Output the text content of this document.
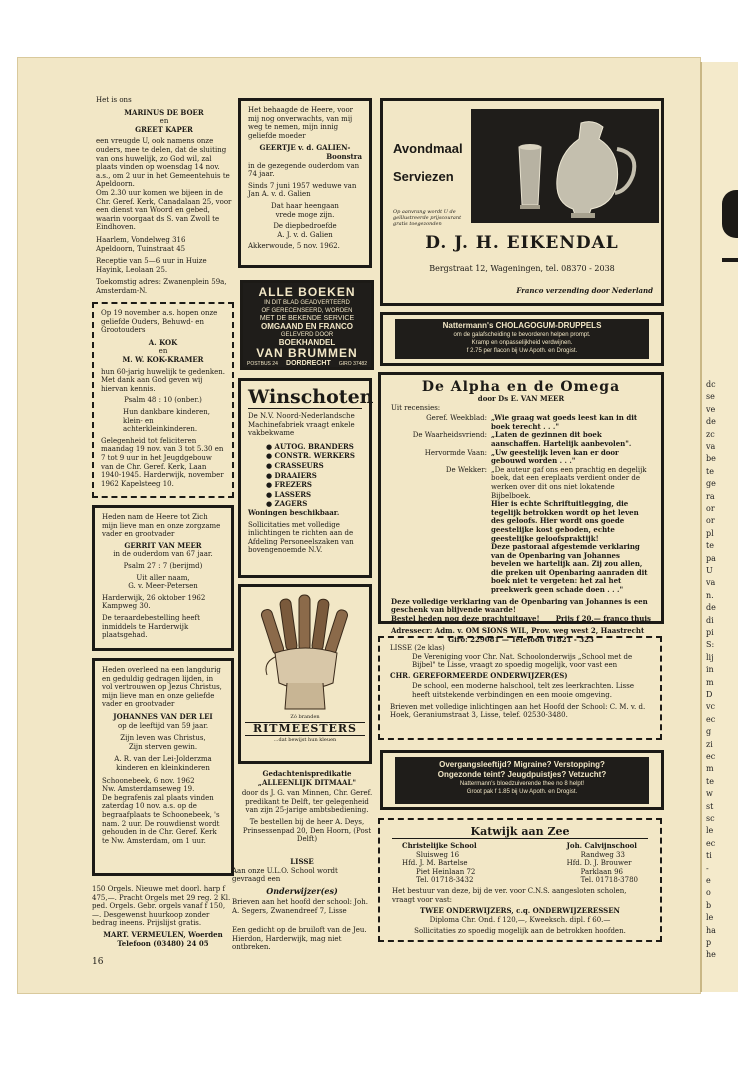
Het is ons

MARINUS DE BOER

en

GREET KAPER

een vreugde U, ook namens onze ouders, mee te delen, dat de sluiting van ons huwelijk, zo God wil, zal plaats vinden op woensdag 14 nov. a.s., om 2 uur in het Gemeentehuis te Apeldoorn.

Om 2.30 uur komen we bijeen in de Chr. Geref. Kerk, Canadalaan 25, voor een dienst van Woord en gebed, waarin voorgaat ds S. van Zwoll te Eindhoven.

Haarlem, Vondelweg 316

Apeldoorn, Tuinstraat 45

Receptie van 5—6 uur in Huize Hayink, Leolaan 25.

Toekomstig adres: Zwanenplein 59a, Amsterdam-N.

Op 19 november a.s. hopen onze geliefde Ouders, Behuwd- en Grootouders

A. KOK

en

M. W. KOK-KRAMER

hun 60-jarig huwelijk te gedenken. Met dank aan God geven wij hiervan kennis.

Psalm 48 : 10 (onber.)

Hun dankbare kinderen, klein- en achterkleinkinderen.

Gelegenheid tot feliciteren maandag 19 nov. van 3 tot 5.30 en 7 tot 9 uur in het Jeugdgebouw van de Chr. Geref. Kerk, Laan 1940-1945. Harderwijk, november 1962 Kapelsteeg 10.

Heden nam de Heere tot Zich mijn lieve man en onze zorgzame vader en grootvader

GERRIT VAN MEER

in de ouderdom van 67 jaar.

Psalm 27 : 7 (berijmd)

Uit aller naam,

G. v. Meer-Petersen

Harderwijk, 26 oktober 1962 Kampweg 30.

De teraardebestelling heeft inmiddels te Harderwijk plaatsgehad.

Heden overleed na een langdurig en geduldig gedragen lijden, in vol vertrouwen op Jezus Christus, mijn lieve man en onze geliefde vader en grootvader

JOHANNES VAN DER LEI

op de leeftijd van 59 jaar.

Zijn leven was Christus,

Zijn sterven gewin.

A. R. van der Lei-Jolderzma kinderen en kleinkinderen

Schoonebeek, 6 nov. 1962

Nw. Amsterdamseweg 19.

De begrafenis zal plaats vinden zaterdag 10 nov. a.s. op de begraafplaats te Schoonebeek, 's nam. 2 uur. De rouwdienst wordt gehouden in de Chr. Geref. Kerk te Nw. Amsterdam, om 1 uur.

150 Orgels. Nieuwe met doorl. harp f 475,—. Pracht Orgels met 29 reg. 2 Kl. ped. Orgels. Gebr. orgels vanaf f 150,—. Desgewenst huurkoop zonder bedrag ineens. Prijslijst gratis.

MART. VERMEULEN, Woerden

Telefoon (03480) 24 05

16

Het behaagde de Heere, voor mij nog onverwachts, van mij weg te nemen, mijn innig geliefde moeder

GEERTJE v. d. GALIEN-

Boonstra

in de gezegende ouderdom van 74 jaar.

Sinds 7 juni 1957 weduwe van Jan A. v. d. Galien

Dat haar heengaan

vrede moge zijn.

De diepbedroefde

A. J. v. d. Galien

Akkerwoude, 5 nov. 1962.

ALLE BOEKEN

IN DIT BLAD GEADVERTEERD

OF GERECENSEERD, WORDEN

MET DE BEKENDE SERVICE

OMGAAND EN FRANCO

GELEVERD DOOR

BOEKHANDEL

VAN BRUMMEN

POSTBUS 24 DORDRECHT GIRO 37482

Winschoten

De N.V. Noord-Nederlandsche Machinefabriek vraagt enkele vakbekwame

● AUTOG. BRANDERS

● CONSTR. WERKERS

● CRASSEURS

● DRAAIERS

● FREZERS

● LASSERS

● ZAGERS

Woningen beschikbaar.

Sollicitaties met volledige inlichtingen te richten aan de Afdeling Personeelszaken van bovengenoemde N.V.

Zó branden

RITMEESTERS

...dat bewijst hun kleuen

Gedachtenispredikatie

„ALLEENLIJK DITMAAL"

door ds J. G. van Minnen, Chr. Geref. predikant te Delft, ter gelegenheid van zijn 25-jarige ambtsbediening.

Te bestellen bij de heer A. Deys, Prinsessenpad 20, Den Hoorn, (Post Delft)

LISSE

Aan onze U.L.O. School wordt gevraagd een

Onderwijzer(es)

Brieven aan het hoofd der school: Joh. A. Segers, Zwanendreef 7, Lisse

Een gedicht op de bruiloft van de Jeu. Hierdon, Harderwijk, mag niet ontbreken.

Avondmaal

Serviezen

Op aanvrang wordt U de geïllustreerde prijscourant gratis toegezonden

D. J. H. EIKENDAL

Bergstraat 12, Wageningen, tel. 08370 - 2038

Franco verzending door Nederland

Nattermann's CHOLAGOGUM-DRUPPELS

om de galafscheiding te bevorderen helpen prompt.

Kramp en onpasselijkheid verdwijnen.

f 2.75 per flacon bij Uw Apoth. en Drogist.

De Alpha en de Omega

door Ds E. VAN MEER

Uit recensies:

Geref. Weekblad: „Wie graag wat goeds leest kan in dit boek terecht . . ."
De Waarheidsvriend: „Laten de gezinnen dit boek aanschaffen. Hartelijk aanbevolen".
Hervormde Vaan: „Uw geestelijk leven kan er door gebouwd worden . . ."
De Wekker: „De auteur gaf ons een prachtig en degelijk boek, dat een ereplaats verdient onder de werken over dit ons niet lokatende Bijbelboek.

Hier is echte Schriftuitlegging, die tegelijk betrokken wordt op het leven des geloofs. Hier wordt ons goede geestelijke kost geboden, echte geestelijke geloofspraktijk!

Deze pastoraal afgestemde verklaring van de Openbaring van Johannes bevelen we hartelijk aan. Zij zou allen, die preken uit Openbaring aanraden dit boek niet te vergeten: het zal het preekwerk geen schade doen . . ."

Deze volledige verklaring van de Openbaring van Johannes is een geschenk van blijvende waarde!

Bestel heden nog deze prachtuitgave! Prijs f 20,— franco thuis

Adressecr: Adm. v. OM SIONS WIL, Prov. weg west 2, Haastrecht

Giro: 229081 — Telefoon 01821 - 323

LISSE (2e klas)

De Vereniging voor Chr. Nat. Schoolonderwijs „School met de Bijbel" te Lisse, vraagt zo spoedig mogelijk, voor vast een

CHR. GEREFORMEERDE ONDERWIJZER(ES)

De school, een moderne halschool, telt zes leerkrachten. Lisse heeft uitstekende verbindingen en een mooie omgeving.

Brieven met volledige inlichtingen aan het Hoofd der School: C. M. v. d. Hoek, Geraniumstraat 3, Lisse, telef. 02530-3480.

Overgangsleeftijd? Migraine? Verstopping?

Ongezonde teint? Jeugdpuistjes? Vetzucht?

Nattermann's bloedzuiverende thee no 8 helpt!

Groot pak f 1.85 bij Uw Apoth. en Drogist.

Katwijk aan Zee

Christelijke School

Sluisweg 16

Hfd. J. M. Bartelse

Piet Heinlaan 72

Tel. 01718-3432

Joh. Calvijnschool

Randweg 33

Hfd. D. J. Brouwer

Parklaan 96

Tel. 01718-3780

Het bestuur van deze, bij de ver. voor C.N.S. aangesloten scholen, vraagt voor vast:

TWEE ONDERWIJZERS, c.q. ONDERWIJZERESSEN

Diploma Chr. Ond. f 120,—, Kweeksch. dipl. f 60.—

Sollicitaties zo spoedig mogelijk aan de betrokken hoofden.

dc
se
ve
de
zc
va
be
te
ge
ra
or
or
pl
te
pa
U
va
n.
de
di
pi
S:
lij
in
m
D
vc
ec
g
zi
ec
m
te
w
st
sc
le
ec
ti
-
e
o
b
le
ha
p
he
